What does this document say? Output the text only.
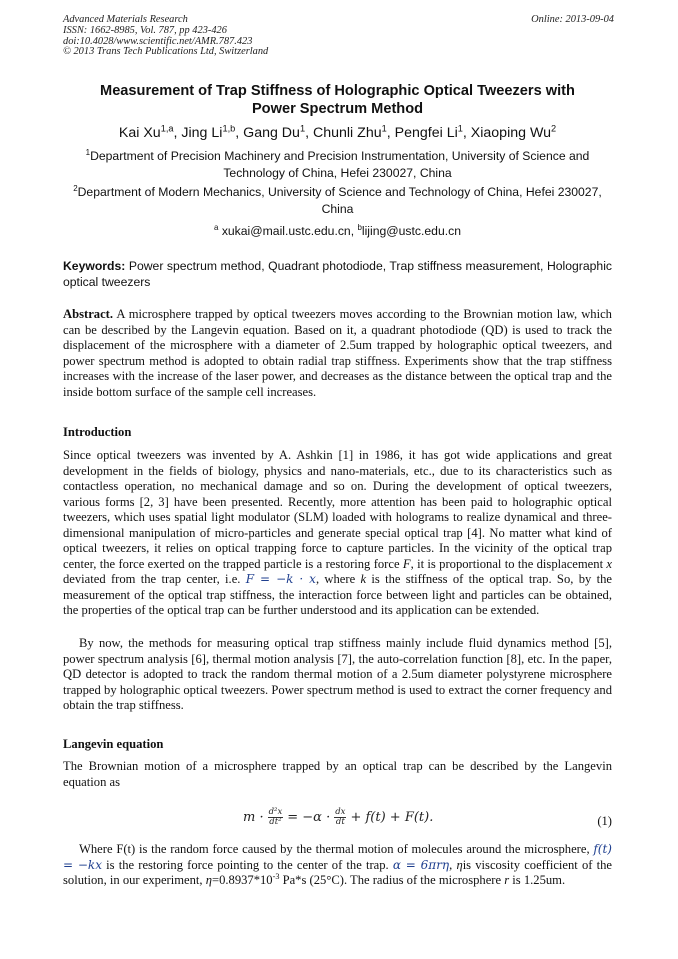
Advanced Materials Research
ISSN: 1662-8985, Vol. 787, pp 423-426
doi:10.4028/www.scientific.net/AMR.787.423
© 2013 Trans Tech Publications Ltd, Switzerland
Online: 2013-09-04
Measurement of Trap Stiffness of Holographic Optical Tweezers with
Power Spectrum Method
Kai Xu$^{1,a}$, Jing Li$^{1,b}$, Gang Du$^1$, Chunli Zhu$^1$, Pengfei Li$^1$, Xiaoping Wu$^2$
$^1$Department of Precision Machinery and Precision Instrumentation, University of Science and Technology of China, Hefei 230027, China
$^2$Department of Modern Mechanics, University of Science and Technology of China, Hefei 230027, China
$^a$ xukai@mail.ustc.edu.cn, $^b$lijing@ustc.edu.cn
Keywords: Power spectrum method, Quadrant photodiode, Trap stiffness measurement, Holographic optical tweezers
Abstract. A microsphere trapped by optical tweezers moves according to the Brownian motion law, which can be described by the Langevin equation. Based on it, a quadrant photodiode (QD) is used to track the displacement of the microsphere with a diameter of 2.5um trapped by holographic optical tweezers, and power spectrum method is adopted to obtain radial trap stiffness. Experiments show that the trap stiffness increases with the increase of the laser power, and decreases as the distance between the optical trap and the inside bottom surface of the sample cell increases.
Introduction
Since optical tweezers was invented by A. Ashkin [1] in 1986, it has got wide applications and great development in the fields of biology, physics and nano-materials, etc., due to its characteristics such as contactless operation, no mechanical damage and so on. During the development of optical tweezers, various forms [2, 3] have been presented. Recently, more attention has been paid to holographic optical tweezers, which uses spatial light modulator (SLM) loaded with holograms to realize dynamical and three-dimensional manipulation of micro-particles and generate special optical trap [4]. No matter what kind of optical tweezers, it relies on optical trapping force to capture particles. In the vicinity of the optical trap center, the force exerted on the trapped particle is a restoring force F, it is proportional to the displacement x deviated from the trap center, i.e. F = −k · x, where k is the stiffness of the optical trap. So, by the measurement of the optical trap stiffness, the interaction force between light and particles can be obtained, the properties of the optical trap can be further understood and its application can be extended.
By now, the methods for measuring optical trap stiffness mainly include fluid dynamics method [5], power spectrum analysis [6], thermal motion analysis [7], the auto-correlation function [8], etc. In the paper, QD detector is adopted to track the random thermal motion of a 2.5um diameter polystyrene microsphere trapped by holographic optical tweezers. Power spectrum method is used to extract the corner frequency and obtain the trap stiffness.
Langevin equation
The Brownian motion of a microsphere trapped by an optical trap can be described by the Langevin equation as
$m \cdot \frac{\text{d²x}}{\text{dt²}} = -\alpha \cdot \frac{dx}{dt} + f(t) + F(t)$.	(1)
Where F(t) is the random force caused by the thermal motion of molecules around the microsphere, f(t) = −kx is the restoring force pointing to the center of the trap. α = 6πrη, ηis viscosity coefficient of the solution, in our experiment, $\eta=0.8937*10^{-3}$ Pa*s (25°C). The radius of the microsphere r is 1.25um.
